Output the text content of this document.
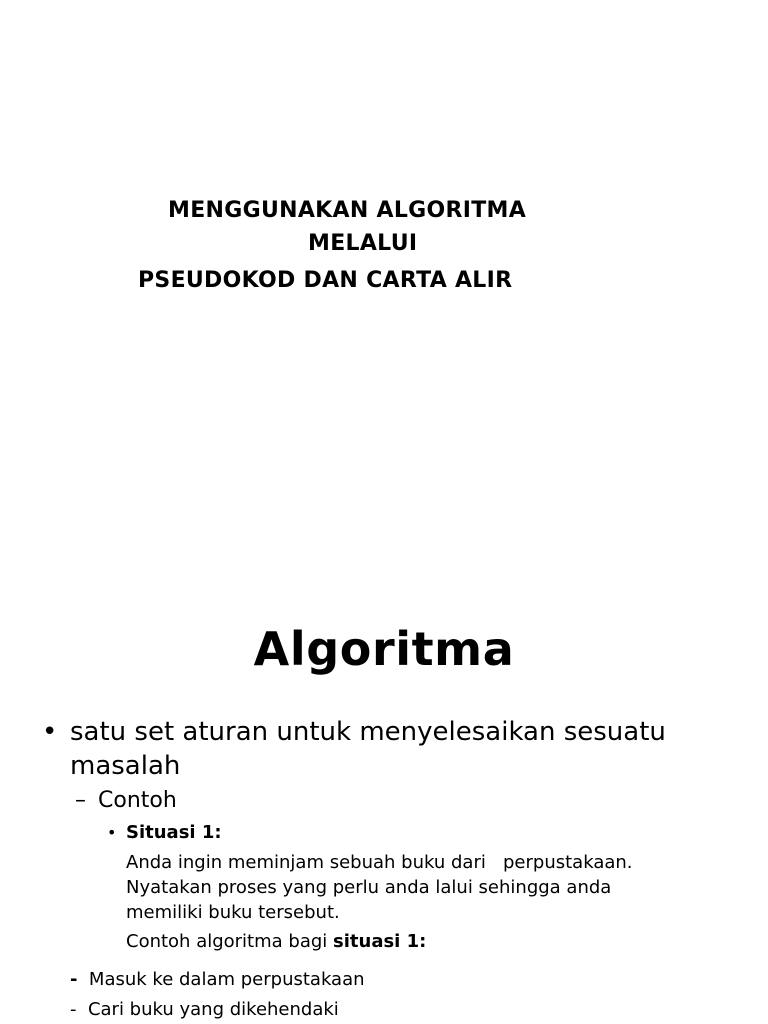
MENGGUNAKAN ALGORITMA
MELALUI
PSEUDOKOD DAN CARTA ALIR
Algoritma
• satu set aturan untuk menyelesaikan sesuatu
masalah
– Contoh
• Situasi 1:
Anda ingin meminjam sebuah buku dari   perpustakaan.
Nyatakan proses yang perlu anda lalui sehingga anda
memiliki buku tersebut.
Contoh algoritma bagi situasi 1:
-  Masuk ke dalam perpustakaan
-  Cari buku yang dikehendaki
